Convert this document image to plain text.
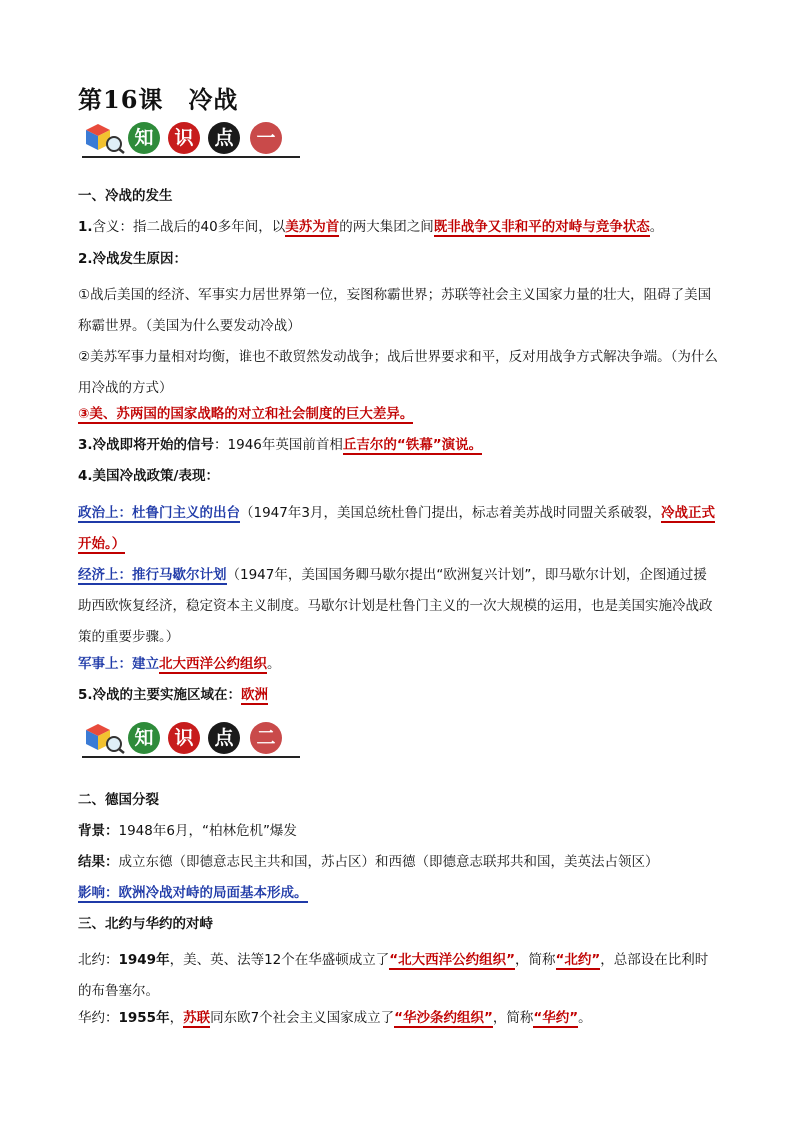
第16课　冷战
知	识	点	一

一、冷战的发生

1.含义：指二战后的40多年间，以美苏为首的两大集团之间既非战争又非和平的对峙与竞争状态。

2.冷战发生原因：

①战后美国的经济、军事实力居世界第一位，妄图称霸世界；苏联等社会主义国家力量的壮大，阻碍了美国称霸世界。（美国为什么要发动冷战）

②美苏军事力量相对均衡，谁也不敢贸然发动战争；战后世界要求和平，反对用战争方式解决争端。（为什么用冷战的方式）

③美、苏两国的国家战略的对立和社会制度的巨大差异。

3.冷战即将开始的信号：1946年英国前首相丘吉尔的“铁幕”演说。

4.美国冷战政策/表现：

政治上：杜鲁门主义的出台（1947年3月，美国总统杜鲁门提出，标志着美苏战时同盟关系破裂，冷战正式开始。）

经济上：推行马歇尔计划（1947年，美国国务卿马歇尔提出“欧洲复兴计划”，即马歇尔计划，企图通过援助西欧恢复经济，稳定资本主义制度。马歇尔计划是杜鲁门主义的一次大规模的运用，也是美国实施冷战政策的重要步骤。）

军事上：建立北大西洋公约组织。

5.冷战的主要实施区域在：欧洲

知	识	点	二

二、德国分裂

背景：1948年6月，“柏林危机”爆发

结果：成立东德（即德意志民主共和国，苏占区）和西德（即德意志联邦共和国，美英法占领区）

影响：欧洲冷战对峙的局面基本形成。

三、北约与华约的对峙

北约：1949年，美、英、法等12个在华盛顿成立了“北大西洋公约组织”，简称“北约”，总部设在比利时的布鲁塞尔。

华约：1955年，苏联同东欧7个社会主义国家成立了“华沙条约组织”，简称“华约”。
